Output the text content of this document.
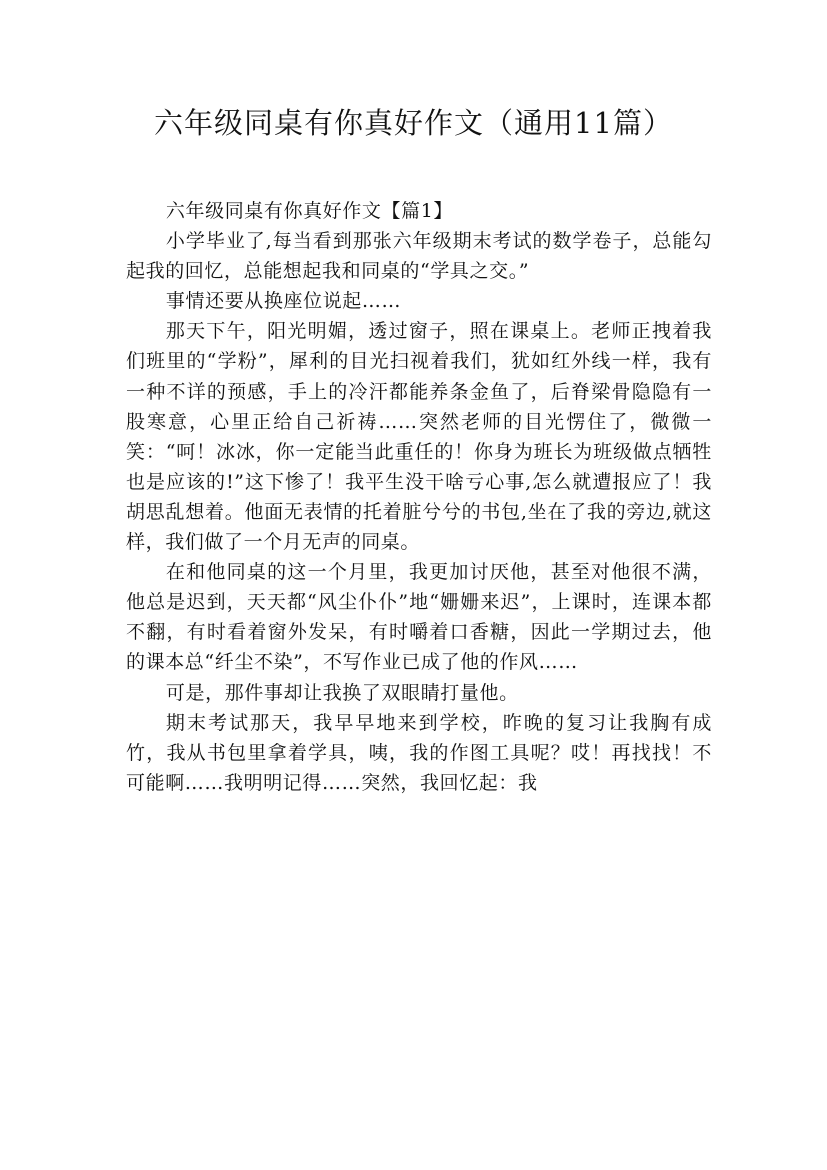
六年级同桌有你真好作文（通用11篇）

六年级同桌有你真好作文【篇1】

小学毕业了,每当看到那张六年级期末考试的数学卷子，总能勾起我的回忆，总能想起我和同桌的“学具之交。”

事情还要从换座位说起……

那天下午，阳光明媚，透过窗子，照在课桌上。老师正拽着我们班里的“学粉”，犀利的目光扫视着我们，犹如红外线一样，我有一种不详的预感，手上的冷汗都能养条金鱼了，后脊梁骨隐隐有一股寒意，心里正给自己祈祷……突然老师的目光愣住了，微微一笑：“呵！冰冰，你一定能当此重任的！你身为班长为班级做点牺牲也是应该的!”这下惨了！我平生没干啥亏心事,怎么就遭报应了！我胡思乱想着。他面无表情的托着脏兮兮的书包,坐在了我的旁边,就这样，我们做了一个月无声的同桌。

在和他同桌的这一个月里，我更加讨厌他，甚至对他很不满，他总是迟到，天天都“风尘仆仆”地“姗姗来迟”，上课时，连课本都不翻，有时看着窗外发呆，有时嚼着口香糖，因此一学期过去，他的课本总“纤尘不染”，不写作业已成了他的作风……

可是，那件事却让我换了双眼睛打量他。

期末考试那天，我早早地来到学校，昨晚的复习让我胸有成竹，我从书包里拿着学具，咦，我的作图工具呢？哎！再找找！不可能啊……我明明记得……突然，我回忆起：我
